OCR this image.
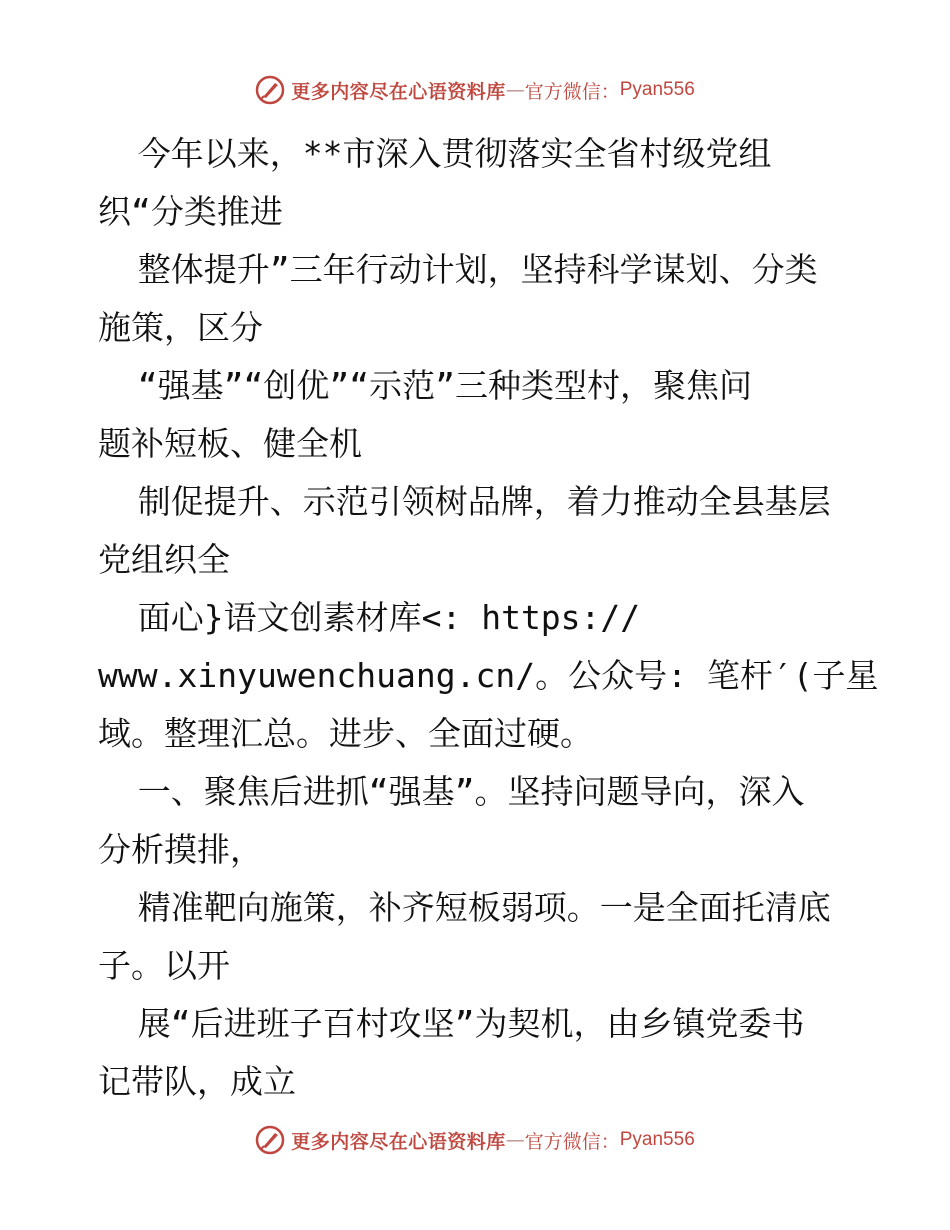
更多内容尽在心语资料库 — 官方微信： Pyan556
今年以来，**市深入贯彻落实全省村级党组
织“分类推进
整体提升”三年行动计划，坚持科学谋划、分类
施策，区分
“强基”“创优”“示范”三种类型村，聚焦问
题补短板、健全机
制促提升、示范引领树品牌，着力推动全县基层
党组织全
面心}语文创素材库<: https://
www.xinyuwenchuang.cn/。公众号: 笔杆′(子星
域。整理汇总。进步、全面过硬。
一、聚焦后进抓“强基”。坚持问题导向，深入
分析摸排，
精准靶向施策，补齐短板弱项。一是全面托清底
子。以开
展“后进班子百村攻坚”为契机，由乡镇党委书
记带队，成立
更多内容尽在心语资料库 — 官方微信： Pyan556
